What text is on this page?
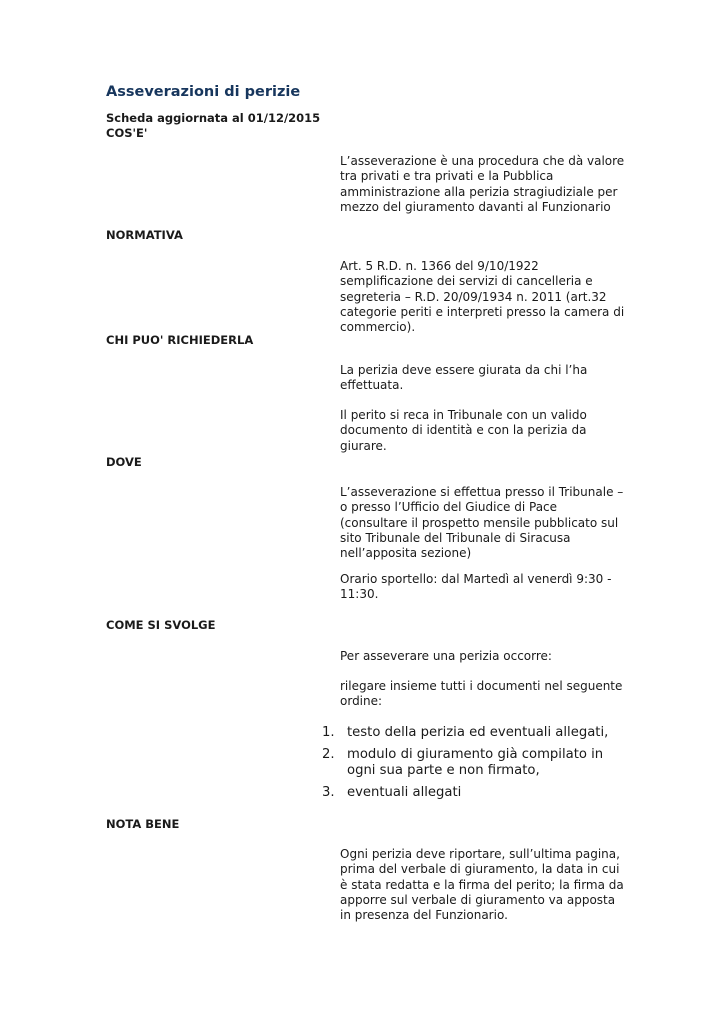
Asseverazioni di perizie

Scheda aggiornata al 01/12/2015

COS'E'

L’asseverazione è una procedura che dà valore tra privati e tra privati e la Pubblica amministrazione alla perizia stragiudiziale per mezzo del giuramento davanti al Funzionario

NORMATIVA

Art. 5 R.D. n. 1366 del 9/10/1922 semplificazione dei servizi di cancelleria e segreteria – R.D. 20/09/1934 n. 2011 (art.32 categorie periti e interpreti presso la camera di commercio).

CHI PUO' RICHIEDERLA

La perizia deve essere giurata da chi l’ha effettuata.

Il perito si reca in Tribunale con un valido documento di identità e con la perizia da giurare.

DOVE

L’asseverazione si effettua presso il Tribunale – o presso l’Ufficio del Giudice di Pace (consultare il prospetto mensile pubblicato sul sito Tribunale del Tribunale di Siracusa nell’apposita sezione)

Orario sportello: dal Martedì al venerdì 9:30 - 11:30.

COME SI SVOLGE

Per asseverare una perizia occorre:

rilegare insieme tutti i documenti nel seguente ordine:

1. testo della perizia ed eventuali allegati,
2. modulo di giuramento già compilato in ogni sua parte e non firmato,
3. eventuali allegati

NOTA BENE

Ogni perizia deve riportare, sull’ultima pagina, prima del verbale di giuramento, la data in cui è stata redatta e la firma del perito; la firma da apporre sul verbale di giuramento va apposta in presenza del Funzionario.
